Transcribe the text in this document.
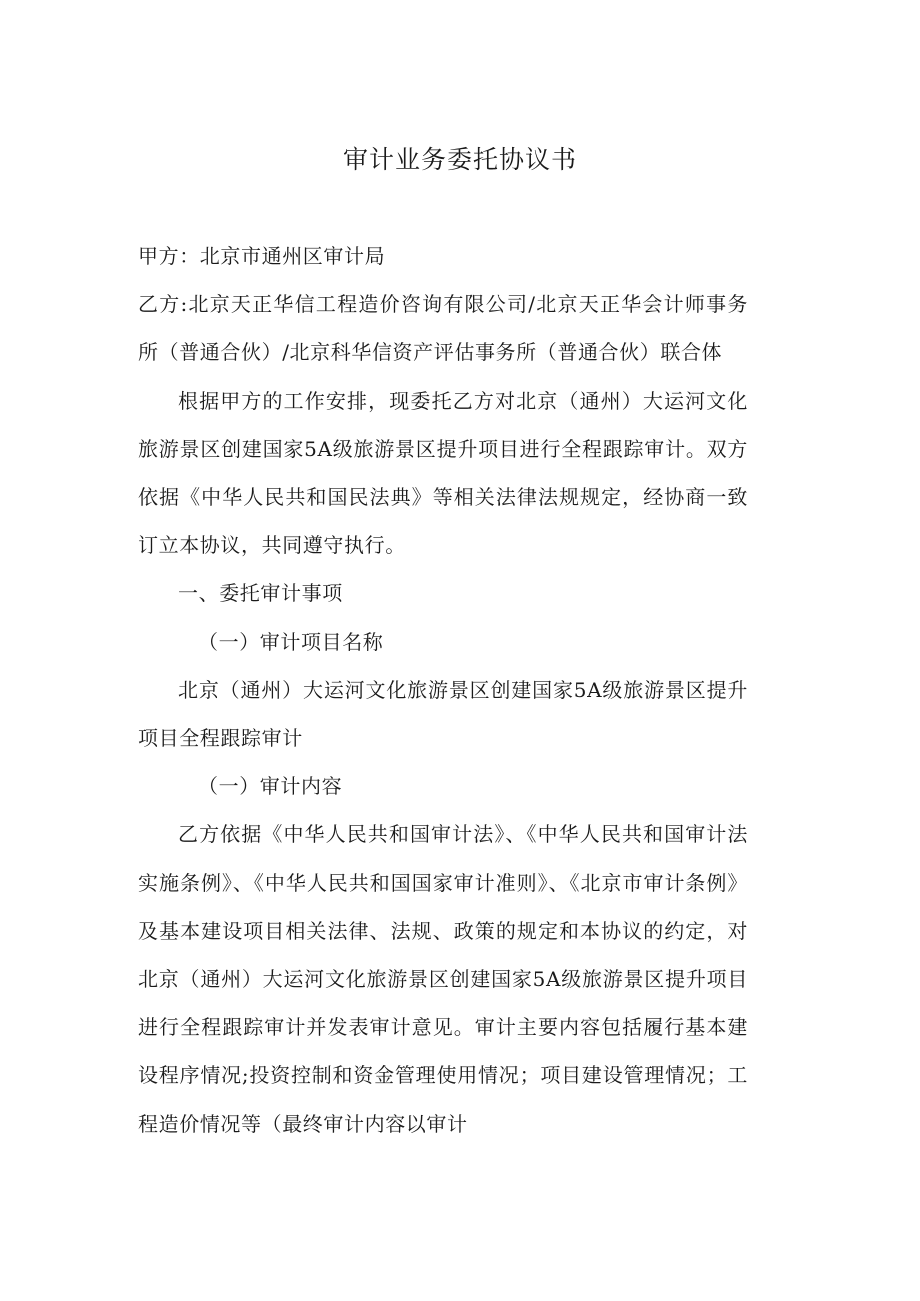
审计业务委托协议书

甲方：北京市通州区审计局

乙方:北京天正华信工程造价咨询有限公司/北京天正华会计师事务所（普通合伙）/北京科华信资产评估事务所（普通合伙）联合体

根据甲方的工作安排，现委托乙方对北京（通州）大运河文化旅游景区创建国家5A级旅游景区提升项目进行全程跟踪审计。双方依据《中华人民共和国民法典》等相关法律法规规定，经协商一致订立本协议，共同遵守执行。

一、委托审计事项

（一）审计项目名称

北京（通州）大运河文化旅游景区创建国家5A级旅游景区提升项目全程跟踪审计

（一）审计内容

乙方依据《中华人民共和国审计法》、《中华人民共和国审计法实施条例》、《中华人民共和国国家审计准则》、《北京市审计条例》及基本建设项目相关法律、法规、政策的规定和本协议的约定，对北京（通州）大运河文化旅游景区创建国家5A级旅游景区提升项目进行全程跟踪审计并发表审计意见。审计主要内容包括履行基本建设程序情况;投资控制和资金管理使用情况；项目建设管理情况；工程造价情况等（最终审计内容以审计
